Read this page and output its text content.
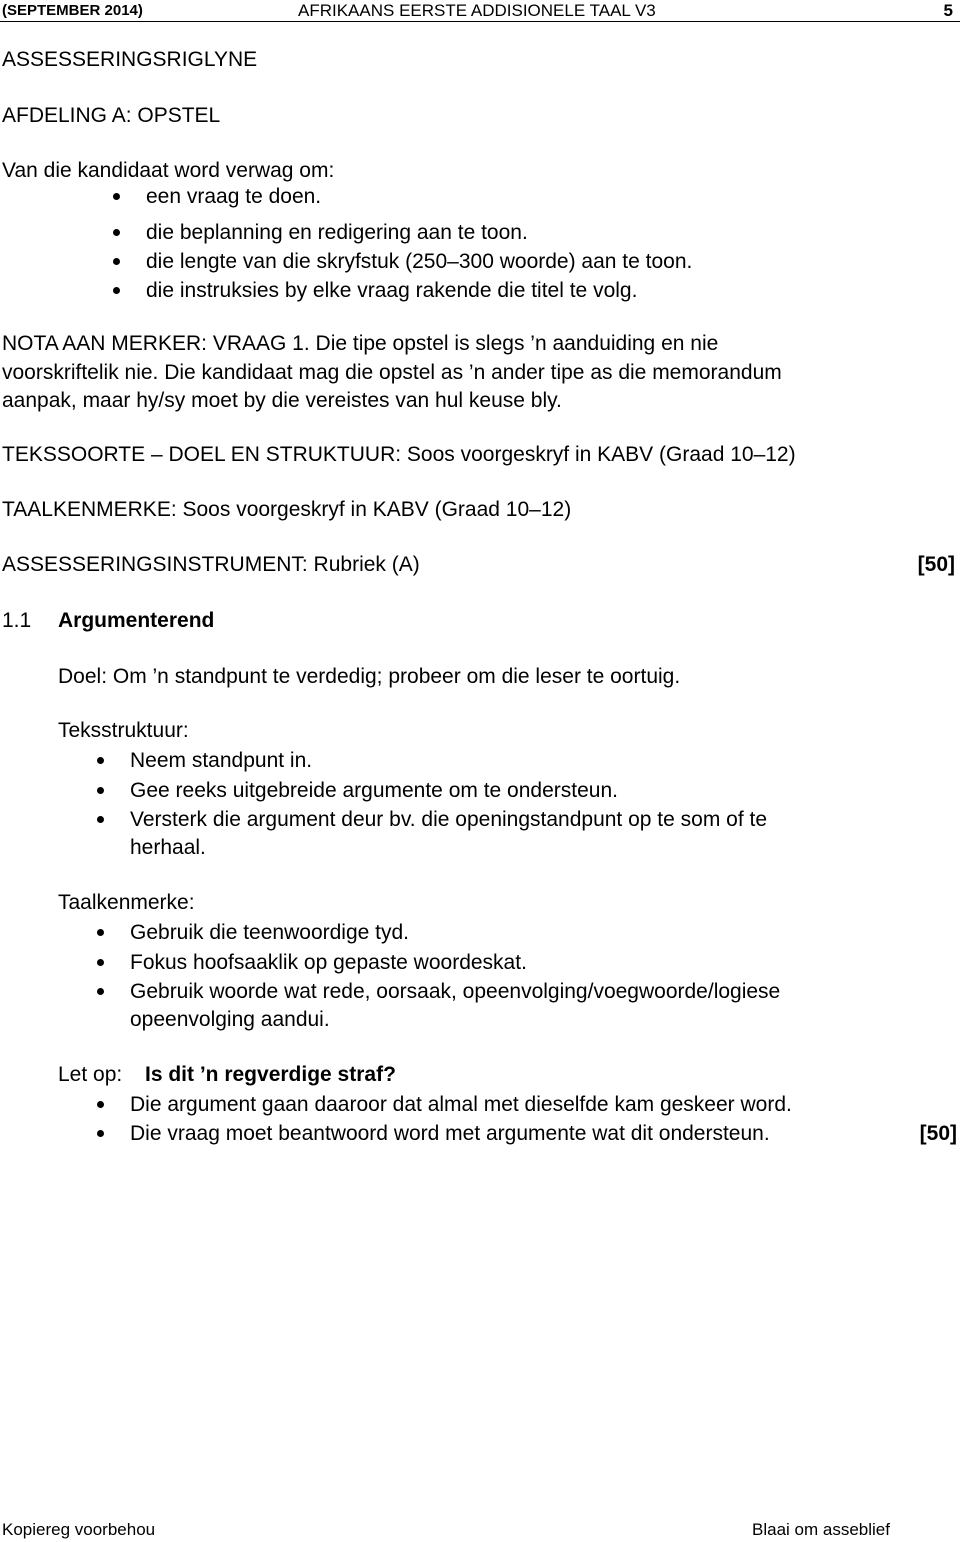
(SEPTEMBER 2014)	AFRIKAANS EERSTE ADDISIONELE TAAL V3	5
ASSESSERINGSRIGLYNE
AFDELING A: OPSTEL
Van die kandidaat word verwag om:
een vraag te doen.
die beplanning en redigering aan te toon.
die lengte van die skryfstuk (250–300 woorde) aan te toon.
die instruksies by elke vraag rakende die titel te volg.
NOTA AAN MERKER: VRAAG 1. Die tipe opstel is slegs ’n aanduiding en nie
voorskriftelik nie. Die kandidaat mag die opstel as ’n ander tipe as die memorandum
aanpak, maar hy/sy moet by die vereistes van hul keuse bly.
TEKSSOORTE – DOEL EN STRUKTUUR: Soos voorgeskryf in KABV (Graad 10–12)
TAALKENMERKE: Soos voorgeskryf in KABV (Graad 10–12)
ASSESSERINGSINSTRUMENT: Rubriek (A)	[50]
1.1 Argumenterend
Doel: Om ’n standpunt te verdedig; probeer om die leser te oortuig.
Teksstruktuur:
Neem standpunt in.
Gee reeks uitgebreide argumente om te ondersteun.
Versterk die argument deur bv. die openingstandpunt op te som of te
herhaal.
Taalkenmerke:
Gebruik die teenwoordige tyd.
Fokus hoofsaaklik op gepaste woordeskat.
Gebruik woorde wat rede, oorsaak, opeenvolging/voegwoorde/logiese
opeenvolging aandui.
Let op: Is dit ’n regverdige straf?
Die argument gaan daaroor dat almal met dieselfde kam geskeer word.
Die vraag moet beantwoord word met argumente wat dit ondersteun.	[50]
Kopiereg voorbehou	Blaai om asseblief
